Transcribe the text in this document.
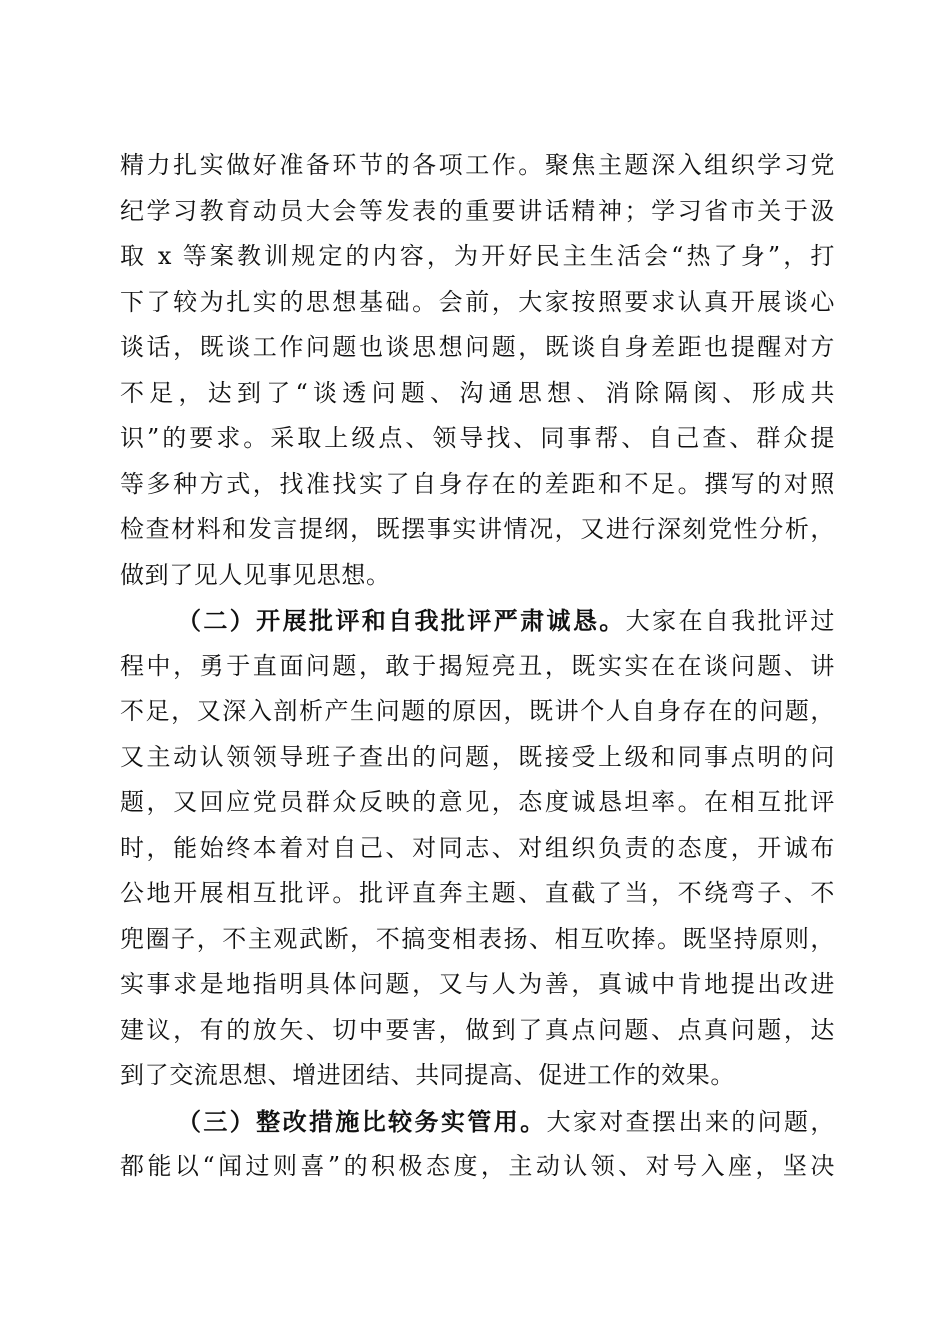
精力扎实做好准备环节的各项工作。聚焦主题深入组织学习党
纪学习教育动员大会等发表的重要讲话精神；学习省市关于汲
取 x 等案教训规定的内容，为开好民主生活会“热了身”，打
下了较为扎实的思想基础。会前，大家按照要求认真开展谈心
谈话，既谈工作问题也谈思想问题，既谈自身差距也提醒对方
不足，达到了“谈透问题、沟通思想、消除隔阂、形成共
识”的要求。采取上级点、领导找、同事帮、自己查、群众提
等多种方式，找准找实了自身存在的差距和不足。撰写的对照
检查材料和发言提纲，既摆事实讲情况，又进行深刻党性分析，
做到了见人见事见思想。
（二）开展批评和自我批评严肃诚恳。大家在自我批评过
程中，勇于直面问题，敢于揭短亮丑，既实实在在谈问题、讲
不足，又深入剖析产生问题的原因，既讲个人自身存在的问题，
又主动认领领导班子查出的问题，既接受上级和同事点明的问
题，又回应党员群众反映的意见，态度诚恳坦率。在相互批评
时，能始终本着对自己、对同志、对组织负责的态度，开诚布
公地开展相互批评。批评直奔主题、直截了当，不绕弯子、不
兜圈子，不主观武断，不搞变相表扬、相互吹捧。既坚持原则，
实事求是地指明具体问题，又与人为善，真诚中肯地提出改进
建议，有的放矢、切中要害，做到了真点问题、点真问题，达
到了交流思想、增进团结、共同提高、促进工作的效果。
（三）整改措施比较务实管用。大家对查摆出来的问题，
都能以“闻过则喜”的积极态度，主动认领、对号入座，坚决
